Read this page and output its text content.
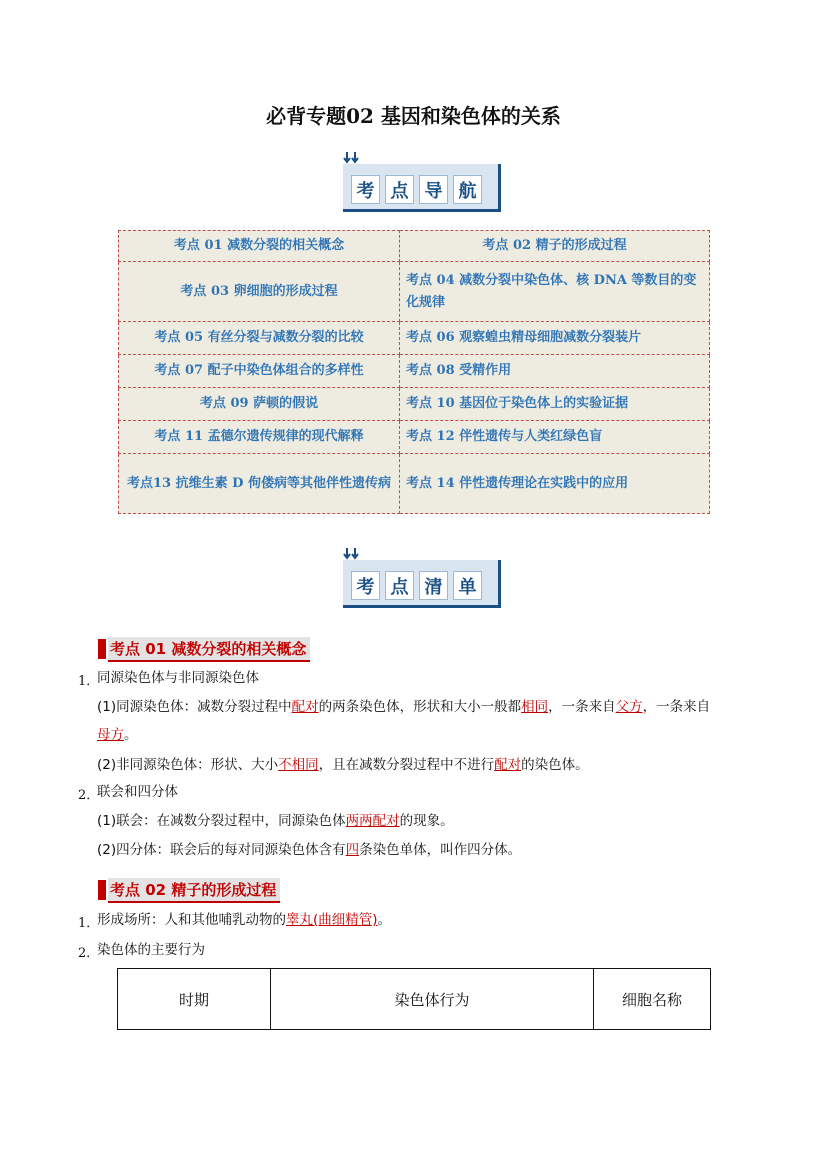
必背专题02 基因和染色体的关系
考 点 导 航
考点 01 减数分裂的相关概念	考点 02 精子的形成过程
考点 03 卵细胞的形成过程	考点 04 减数分裂中染色体、核 DNA 等数目的变化规律
考点 05 有丝分裂与减数分裂的比较	考点 06 观察蝗虫精母细胞减数分裂装片
考点 07 配子中染色体组合的多样性	考点 08 受精作用
考点 09 萨顿的假说	考点 10 基因位于染色体上的实验证据
考点 11 孟德尔遗传规律的现代解释	考点 12 伴性遗传与人类红绿色盲
考点13 抗维生素 D 佝偻病等其他伴性遗传病	考点 14 伴性遗传理论在实践中的应用
考 点 清 单
考点 01 减数分裂的相关概念
1．
同源染色体与非同源染色体
(1)同源染色体：减数分裂过程中配对的两条染色体，形状和大小一般都相同，一条来自父方，一条来自
母方。
(2)非同源染色体：形状、大小不相同，且在减数分裂过程中不进行配对的染色体。
2．
联会和四分体
(1)联会：在减数分裂过程中，同源染色体两两配对的现象。
(2)四分体：联会后的每对同源染色体含有四条染色单体，叫作四分体。
考点 02 精子的形成过程
1．
形成场所：人和其他哺乳动物的睾丸(曲细精管)。
2．
染色体的主要行为
时期	染色体行为	细胞名称
